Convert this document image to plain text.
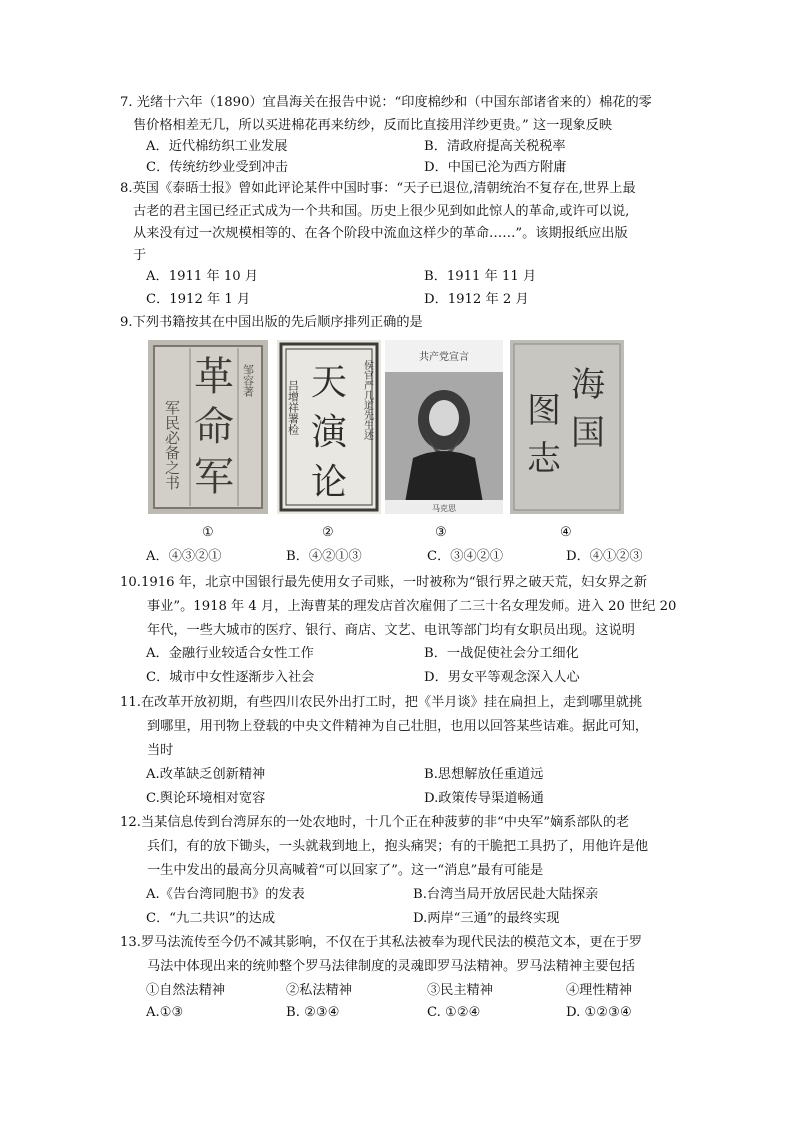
7. 光绪十六年（1890）宜昌海关在报告中说：“印度棉纱和（中国东部诸省来的）棉花的零
售价格相差无几，所以买进棉花再来纺纱，反而比直接用洋纱更贵。” 这一现象反映
A．近代棉纺织工业发展	B．清政府提高关税税率
C．传统纺纱业受到冲击	D．中国已沦为西方附庸
8.英国《泰晤士报》曾如此评论某件中国时事：“天子已退位,清朝统治不复存在,世界上最
古老的君主国已经正式成为一个共和国。历史上很少见到如此惊人的革命,或许可以说,
从来没有过一次规模相等的、在各个阶段中流血这样少的革命……”。该期报纸应出版
于
A．1911 年 10 月	B．1911 年 11 月
C．1912 年 1 月	D．1912 年 2 月
9.下列书籍按其在中国出版的先后顺序排列正确的是
革
命
军
邹容著
军民必备之书	侯官严几道先生述
天
演
论
吕增祥署检
共产党宣言
马克思
海
国
图
志
①	②	③	④
A．④③②①	B．④②①③	C．③④②①	D．④①②③
10.1916 年，北京中国银行最先使用女子司账，一时被称为“银行界之破天荒，妇女界之新
事业”。1918 年 4 月，上海曹某的理发店首次雇佣了二三十名女理发师。进入 20 世纪 20
年代，一些大城市的医疗、银行、商店、文艺、电讯等部门均有女职员出现。这说明
A．金融行业较适合女性工作	B．一战促使社会分工细化
C．城市中女性逐渐步入社会	D．男女平等观念深入人心
11.在改革开放初期，有些四川农民外出打工时，把《半月谈》挂在扁担上，走到哪里就挑
到哪里，用刊物上登载的中央文件精神为自己壮胆，也用以回答某些诘难。据此可知，
当时
A.改革缺乏创新精神	B.思想解放任重道远
C.舆论环境相对宽容	D.政策传导渠道畅通
12.当某信息传到台湾屏东的一处农地时，十几个正在种菠萝的非“中央军”嫡系部队的老
兵们，有的放下锄头，一头就栽到地上，抱头痛哭；有的干脆把工具扔了，用他许是他
一生中发出的最高分贝高喊着“可以回家了”。这一“消息”最有可能是
A.《告台湾同胞书》的发表	B.台湾当局开放居民赴大陆探亲
C．“九二共识”的达成	D.两岸“三通”的最终实现
13.罗马法流传至今仍不减其影响，不仅在于其私法被奉为现代民法的模范文本，更在于罗
马法中体现出来的统帅整个罗马法律制度的灵魂即罗马法精神。罗马法精神主要包括
①自然法精神	②私法精神	③民主精神	④理性精神
A.①③	B. ②③④	C. ①②④	D. ①②③④
